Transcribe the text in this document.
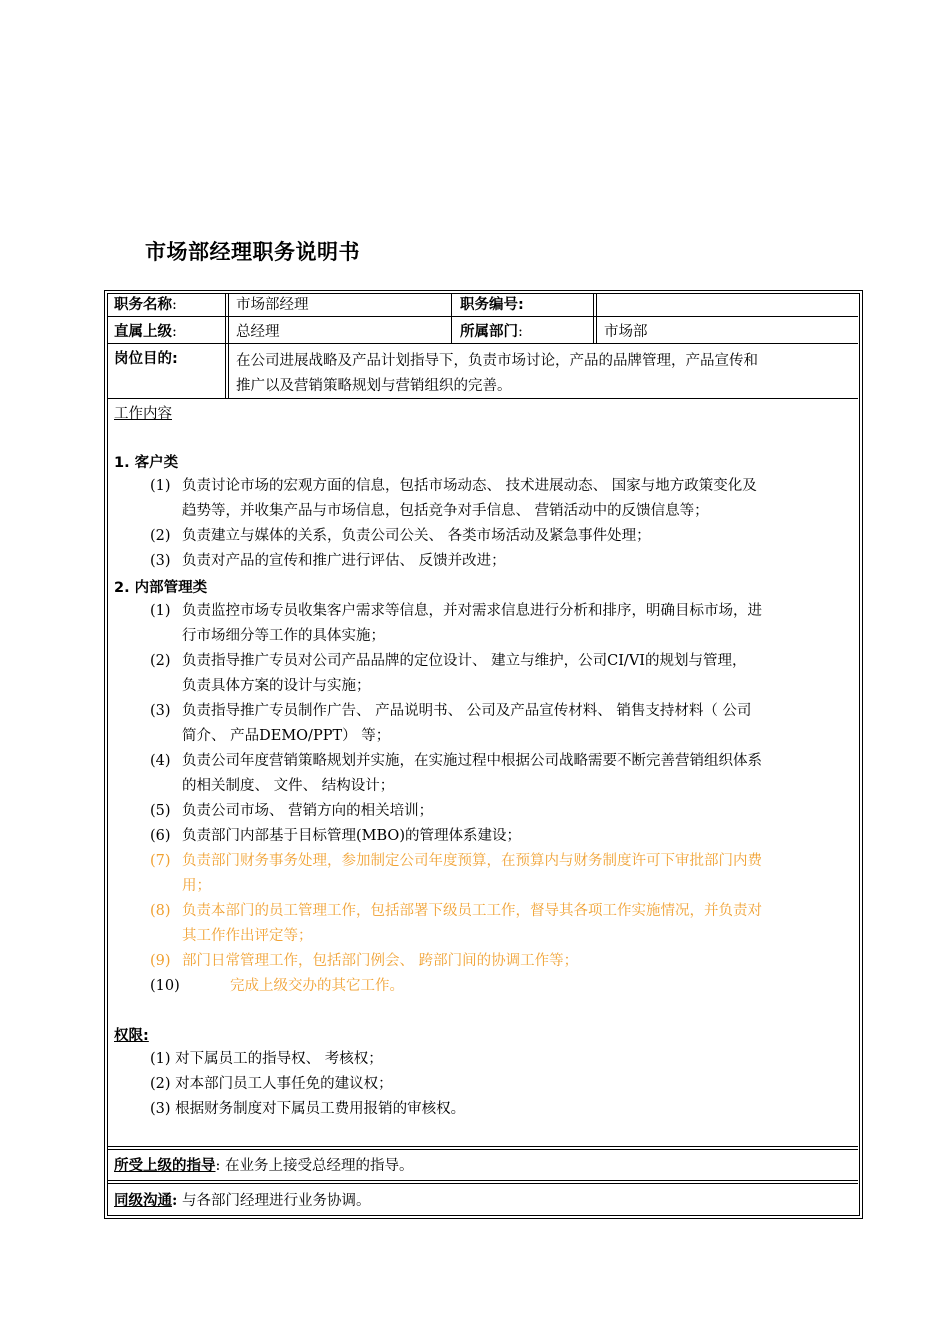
市场部经理职务说明书
职务名称:	市场部经理	职务编号:
直属上级:	总经理	所属部门:	市场部
岗位目的:	在公司进展战略及产品计划指导下，负责市场讨论，产品的品牌管理，产品宣传和
推广以及营销策略规划与营销组织的完善。
工作内容
1. 客户类
(1) 负责讨论市场的宏观方面的信息，包括市场动态、 技术进展动态、 国家与地方政策变化及
趋势等，并收集产品与市场信息，包括竞争对手信息、 营销活动中的反馈信息等；
(2) 负责建立与媒体的关系，负责公司公关、 各类市场活动及紧急事件处理；
(3) 负责对产品的宣传和推广进行评估、 反馈并改进；
2. 内部管理类
(1) 负责监控市场专员收集客户需求等信息，并对需求信息进行分析和排序，明确目标市场，进
行市场细分等工作的具体实施；
(2) 负责指导推广专员对公司产品品牌的定位设计、 建立与维护，公司CI/VI的规划与管理，
负责具体方案的设计与实施；
(3) 负责指导推广专员制作广告、 产品说明书、 公司及产品宣传材料、 销售支持材料（ 公司
简介、 产品DEMO/PPT） 等；
(4) 负责公司年度营销策略规划并实施，在实施过程中根据公司战略需要不断完善营销组织体系
的相关制度、 文件、 结构设计；
(5) 负责公司市场、 营销方向的相关培训；
(6) 负责部门内部基于目标管理(MBO)的管理体系建设；
(7) 负责部门财务事务处理，参加制定公司年度预算，在预算内与财务制度许可下审批部门内费
用；
(8) 负责本部门的员工管理工作，包括部署下级员工工作，督导其各项工作实施情况，并负责对
其工作作出评定等；
(9) 部门日常管理工作，包括部门例会、 跨部门间的协调工作等；
(10)	完成上级交办的其它工作。
权限:
(1) 对下属员工的指导权、 考核权；
(2) 对本部门员工人事任免的建议权；
(3) 根据财务制度对下属员工费用报销的审核权。
所受上级的指导: 在业务上接受总经理的指导。
同级沟通: 与各部门经理进行业务协调。
